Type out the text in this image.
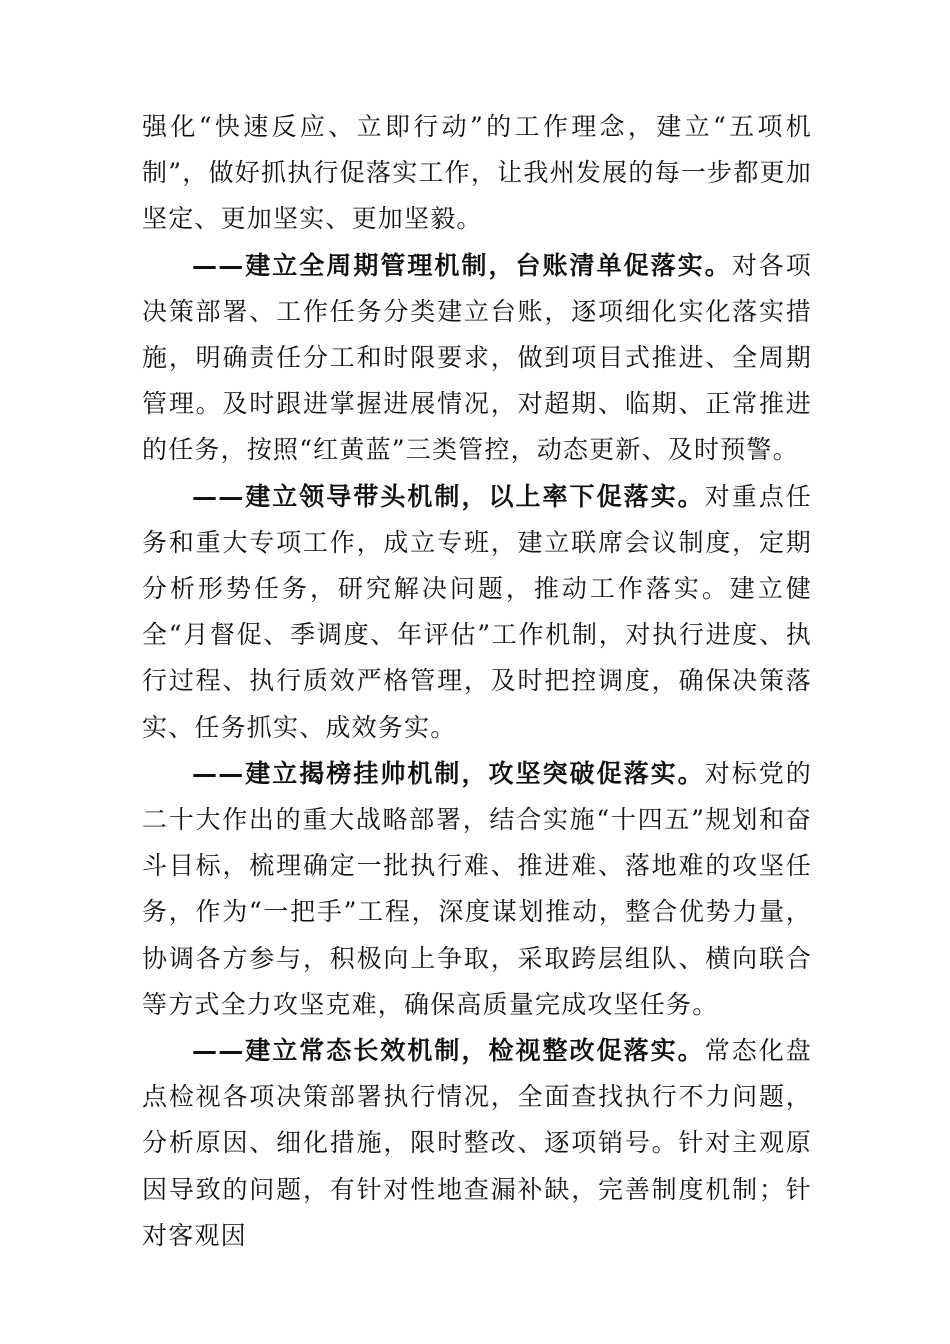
强化“快速反应、立即行动”的工作理念，建立“五项机制”，做好抓执行促落实工作，让我州发展的每一步都更加坚定、更加坚实、更加坚毅。

——建立全周期管理机制，台账清单促落实。对各项决策部署、工作任务分类建立台账，逐项细化实化落实措施，明确责任分工和时限要求，做到项目式推进、全周期管理。及时跟进掌握进展情况，对超期、临期、正常推进的任务，按照“红黄蓝”三类管控，动态更新、及时预警。

——建立领导带头机制，以上率下促落实。对重点任务和重大专项工作，成立专班，建立联席会议制度，定期分析形势任务，研究解决问题，推动工作落实。建立健全“月督促、季调度、年评估”工作机制，对执行进度、执行过程、执行质效严格管理，及时把控调度，确保决策落实、任务抓实、成效务实。

——建立揭榜挂帅机制，攻坚突破促落实。对标党的二十大作出的重大战略部署，结合实施“十四五”规划和奋斗目标，梳理确定一批执行难、推进难、落地难的攻坚任务，作为“一把手”工程，深度谋划推动，整合优势力量，协调各方参与，积极向上争取，采取跨层组队、横向联合等方式全力攻坚克难，确保高质量完成攻坚任务。

——建立常态长效机制，检视整改促落实。常态化盘点检视各项决策部署执行情况，全面查找执行不力问题，分析原因、细化措施，限时整改、逐项销号。针对主观原因导致的问题，有针对性地查漏补缺，完善制度机制；针对客观因
